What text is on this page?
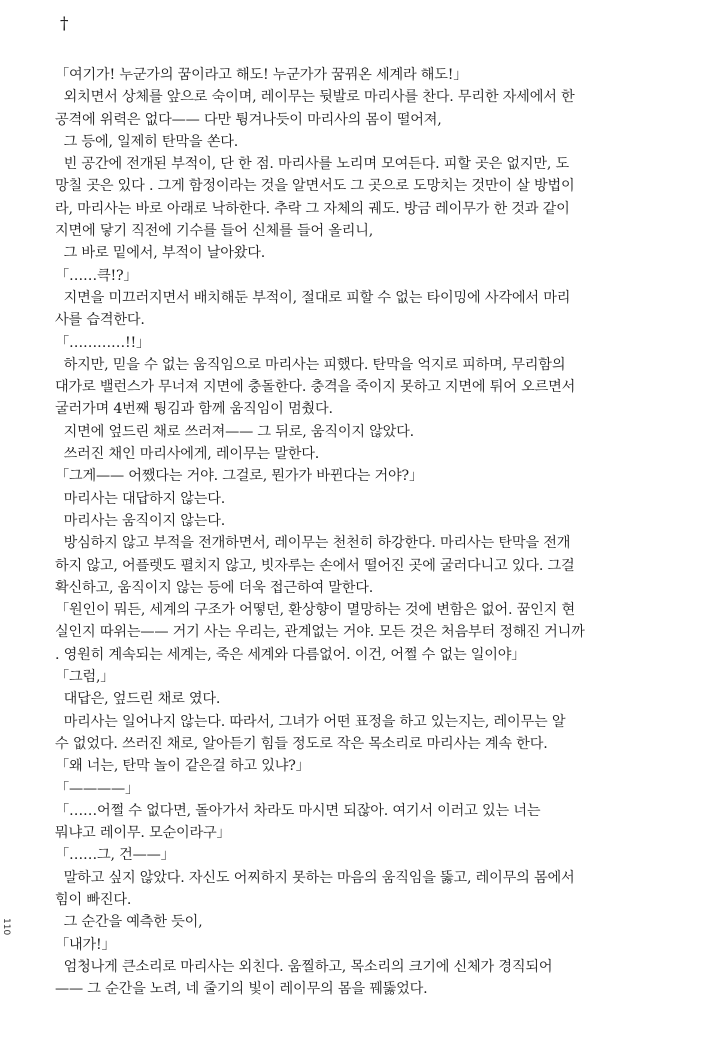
†
「여기가! 누군가의 꿈이라고 해도! 누군가가 꿈꿔온 세계라 해도!」
외치면서 상체를 앞으로 숙이며, 레이무는 뒷발로 마리사를 찬다. 무리한 자세에서 한
공격에 위력은 없다—— 다만 튕겨나듯이 마리사의 몸이 떨어져,
그 등에, 일제히 탄막을 쏜다.
빈 공간에 전개된 부적이, 단 한 점. 마리사를 노리며 모여든다. 피할 곳은 없지만, 도
망칠 곳은 있다 . 그게 함정이라는 것을 알면서도 그 곳으로 도망치는 것만이 살 방법이
라, 마리사는 바로 아래로 낙하한다. 추락 그 자체의 궤도. 방금 레이무가 한 것과 같이
지면에 닿기 직전에 기수를 들어 신체를 들어 올리니,
그 바로 밑에서, 부적이 날아왔다.
「……큭!?」
지면을 미끄러지면서 배치해둔 부적이, 절대로 피할 수 없는 타이밍에 사각에서 마리
사를 습격한다.
「…………!!」
하지만, 믿을 수 없는 움직임으로 마리사는 피했다. 탄막을 억지로 피하며, 무리함의
대가로 밸런스가 무너져 지면에 충돌한다. 충격을 죽이지 못하고 지면에 튀어 오르면서
굴러가며 4번째 튕김과 함께 움직임이 멈췄다.
지면에 엎드린 채로 쓰러져—— 그 뒤로, 움직이지 않았다.
쓰러진 채인 마리사에게, 레이무는 말한다.
「그게—— 어쨌다는 거야. 그걸로, 뭔가가 바뀐다는 거야?」
마리사는 대답하지 않는다.
마리사는 움직이지 않는다.
방심하지 않고 부적을 전개하면서, 레이무는 천천히 하강한다. 마리사는 탄막을 전개
하지 않고, 어플렛도 펼치지 않고, 빗자루는 손에서 떨어진 곳에 굴러다니고 있다. 그걸
확신하고, 움직이지 않는 등에 더욱 접근하여 말한다.
「원인이 뭐든, 세계의 구조가 어떻던, 환상향이 멸망하는 것에 변함은 없어. 꿈인지 현
실인지 따위는—— 거기 사는 우리는, 관계없는 거야. 모든 것은 처음부터 정해진 거니까
. 영원히 계속되는 세계는, 죽은 세계와 다름없어. 이건, 어쩔 수 없는 일이야」
「그럼,」
대답은, 엎드린 채로 였다.
마리사는 일어나지 않는다. 따라서, 그녀가 어떤 표정을 하고 있는지는, 레이무는 알
수 없었다. 쓰러진 채로, 알아듣기 힘들 정도로 작은 목소리로 마리사는 계속 한다.
「왜 너는, 탄막 놀이 같은걸 하고 있냐?」
「————」
「……어쩔 수 없다면, 돌아가서 차라도 마시면 되잖아. 여기서 이러고 있는 너는
뭐냐고 레이무. 모순이라구」
「……그, 건——」
말하고 싶지 않았다. 자신도 어찌하지 못하는 마음의 움직임을 뚫고, 레이무의 몸에서
힘이 빠진다.
그 순간을 예측한 듯이,
「내가!」
엄청나게 큰소리로 마리사는 외친다. 움찔하고, 목소리의 크기에 신체가 경직되어
—— 그 순간을 노려, 네 줄기의 빛이 레이무의 몸을 꿰뚫었다.
110
